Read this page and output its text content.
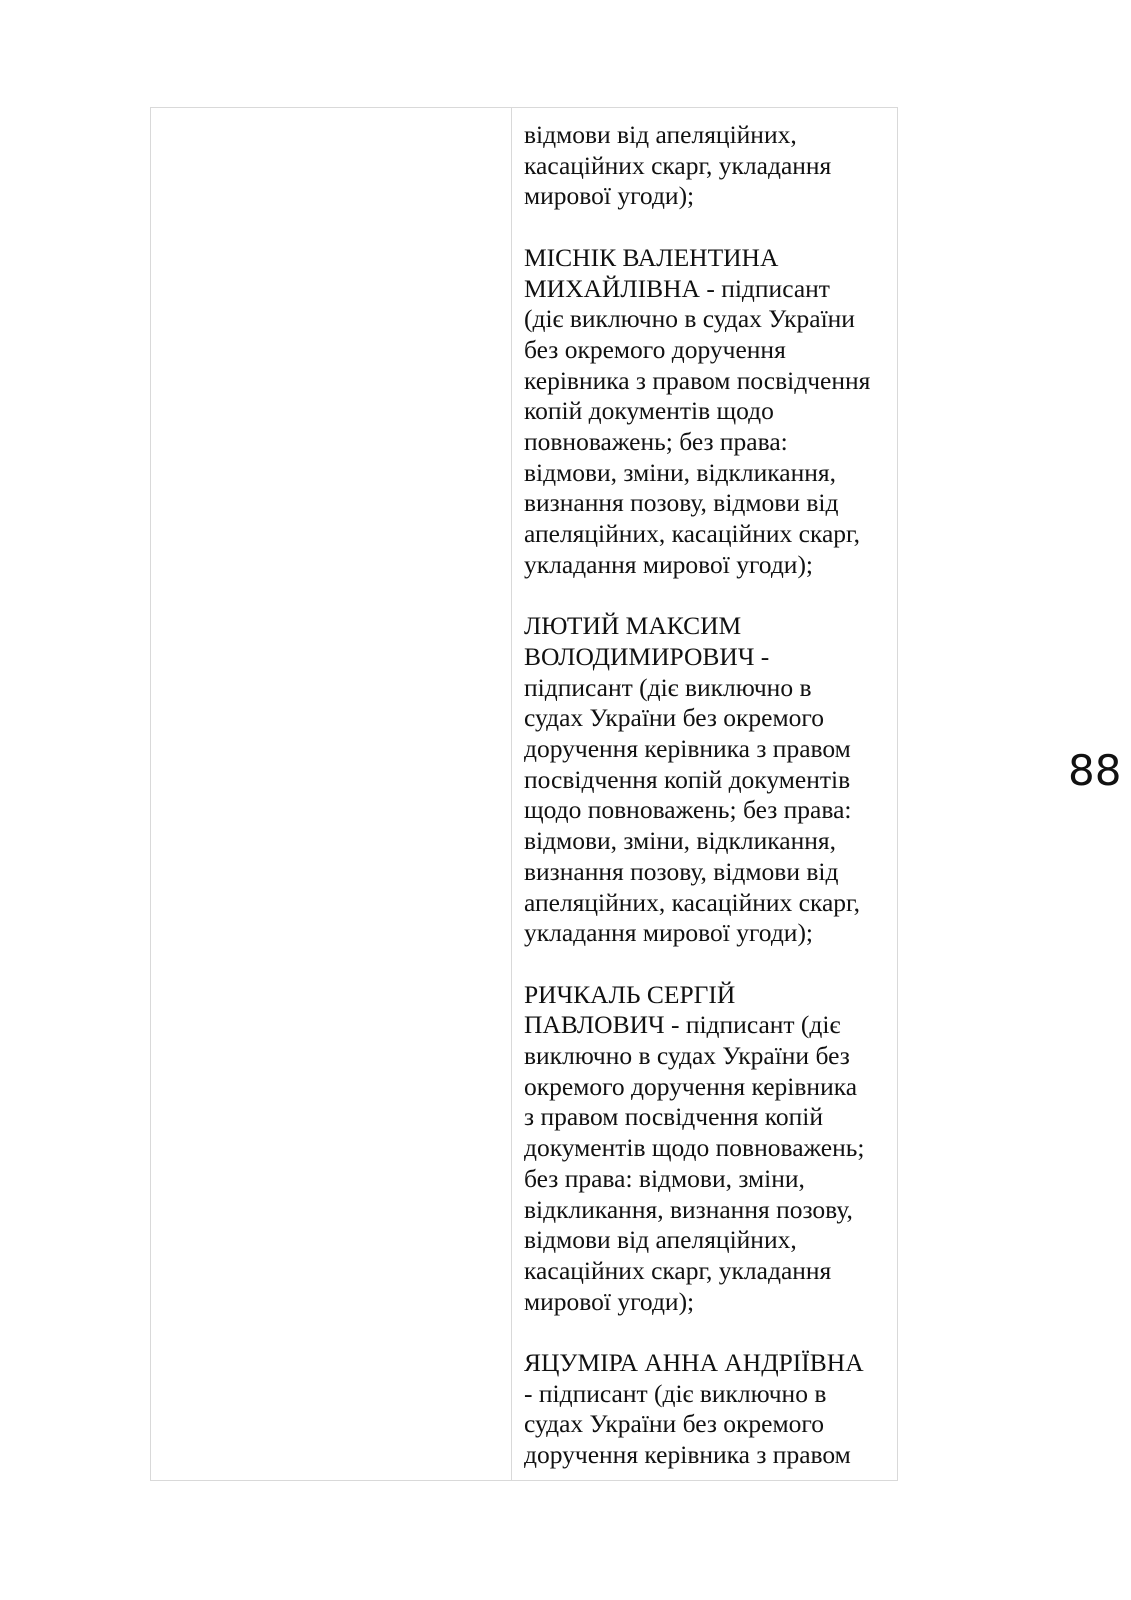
відмови від апеляційних,
касаційних скарг, укладання
мирової угоди);

МІСНІК ВАЛЕНТИНА
МИХАЙЛІВНА - підписант
(діє виключно в судах України
без окремого доручення
керівника з правом посвідчення
копій документів щодо
повноважень; без права:
відмови, зміни, відкликання,
визнання позову, відмови від
апеляційних, касаційних скарг,
укладання мирової угоди);

ЛЮТИЙ МАКСИМ
ВОЛОДИМИРОВИЧ -
підписант (діє виключно в
судах України без окремого
доручення керівника з правом
посвідчення копій документів
щодо повноважень; без права:
відмови, зміни, відкликання,
визнання позову, відмови від
апеляційних, касаційних скарг,
укладання мирової угоди);

РИЧКАЛЬ СЕРГІЙ
ПАВЛОВИЧ - підписант (діє
виключно в судах України без
окремого доручення керівника
з правом посвідчення копій
документів щодо повноважень;
без права: відмови, зміни,
відкликання, визнання позову,
відмови від апеляційних,
касаційних скарг, укладання
мирової угоди);

ЯЦУМІРА АННА АНДРІЇВНА
- підписант (діє виключно в
судах України без окремого
доручення керівника з правом

88
